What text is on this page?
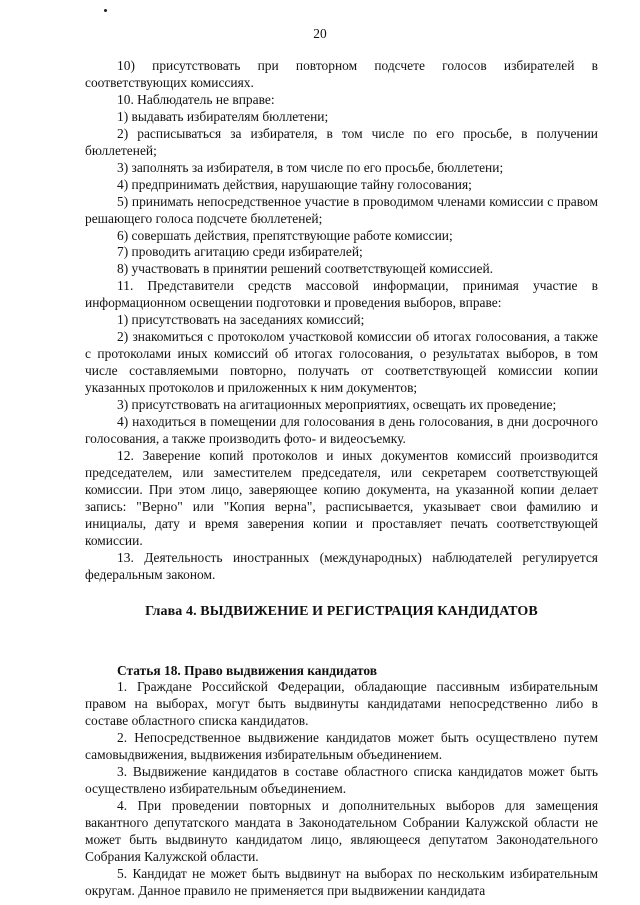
20

10) присутствовать при повторном подсчете голосов избирателей в соответствующих комиссиях.

10. Наблюдатель не вправе:

1) выдавать избирателям бюллетени;

2) расписываться за избирателя, в том числе по его просьбе, в получении бюллетеней;

3) заполнять за избирателя, в том числе по его просьбе, бюллетени;

4) предпринимать действия, нарушающие тайну голосования;

5) принимать непосредственное участие в проводимом членами комиссии с правом решающего голоса подсчете бюллетеней;

6) совершать действия, препятствующие работе комиссии;

7) проводить агитацию среди избирателей;

8) участвовать в принятии решений соответствующей комиссией.

11. Представители средств массовой информации, принимая участие в информационном освещении подготовки и проведения выборов, вправе:

1) присутствовать на заседаниях комиссий;

2) знакомиться с протоколом участковой комиссии об итогах голосования, а также с протоколами иных комиссий об итогах голосования, о результатах выборов, в том числе составляемыми повторно, получать от соответствующей комиссии копии указанных протоколов и приложенных к ним документов;

3) присутствовать на агитационных мероприятиях, освещать их проведение;

4) находиться в помещении для голосования в день голосования, в дни досрочного голосования, а также производить фото- и видеосъемку.

12. Заверение копий протоколов и иных документов комиссий производится председателем, или заместителем председателя, или секретарем соответствующей комиссии. При этом лицо, заверяющее копию документа, на указанной копии делает запись: "Верно" или "Копия верна", расписывается, указывает свои фамилию и инициалы, дату и время заверения копии и проставляет печать соответствующей комиссии.

13. Деятельность иностранных (международных) наблюдателей регулируется федеральным законом.

Глава 4. ВЫДВИЖЕНИЕ И РЕГИСТРАЦИЯ КАНДИДАТОВ

Статья 18. Право выдвижения кандидатов

1. Граждане Российской Федерации, обладающие пассивным избирательным правом на выборах, могут быть выдвинуты кандидатами непосредственно либо в составе областного списка кандидатов.

2. Непосредственное выдвижение кандидатов может быть осуществлено путем самовыдвижения, выдвижения избирательным объединением.

3. Выдвижение кандидатов в составе областного списка кандидатов может быть осуществлено избирательным объединением.

4. При проведении повторных и дополнительных выборов для замещения вакантного депутатского мандата в Законодательном Собрании Калужской области не может быть выдвинуто кандидатом лицо, являющееся депутатом Законодательного Собрания Калужской области.

5. Кандидат не может быть выдвинут на выборах по нескольким избирательным округам. Данное правило не применяется при выдвижении кандидата
